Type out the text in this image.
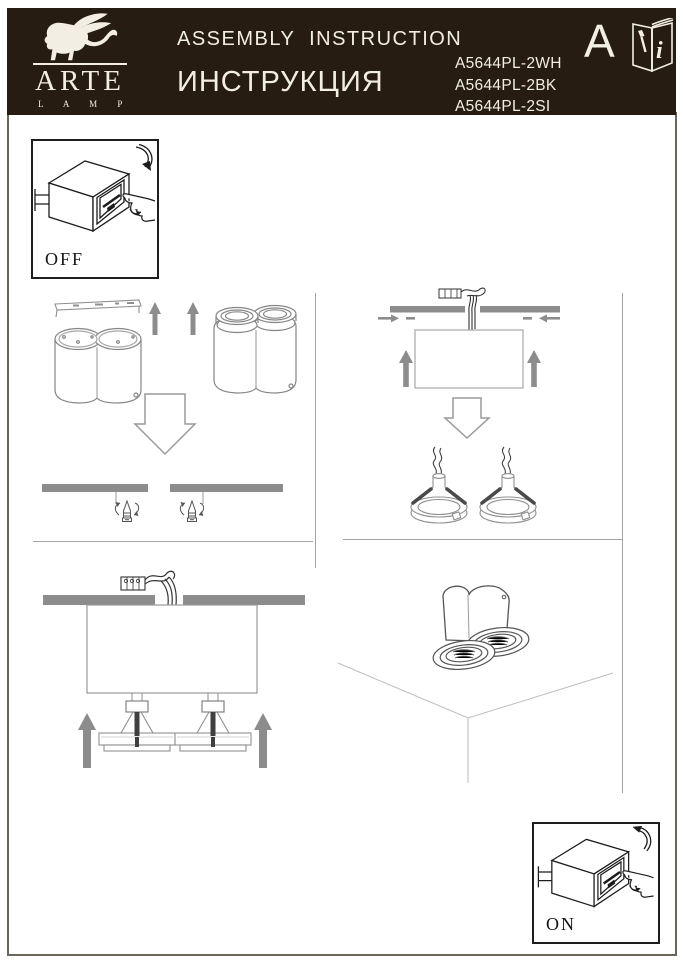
ARTE
L A M P
ASSEMBLY  INSTRUCTION
ИНСТРУКЦИЯ
A5644PL-2WH
A5644PL-2BK
A5644PL-2SI
A i
OFF
ON
